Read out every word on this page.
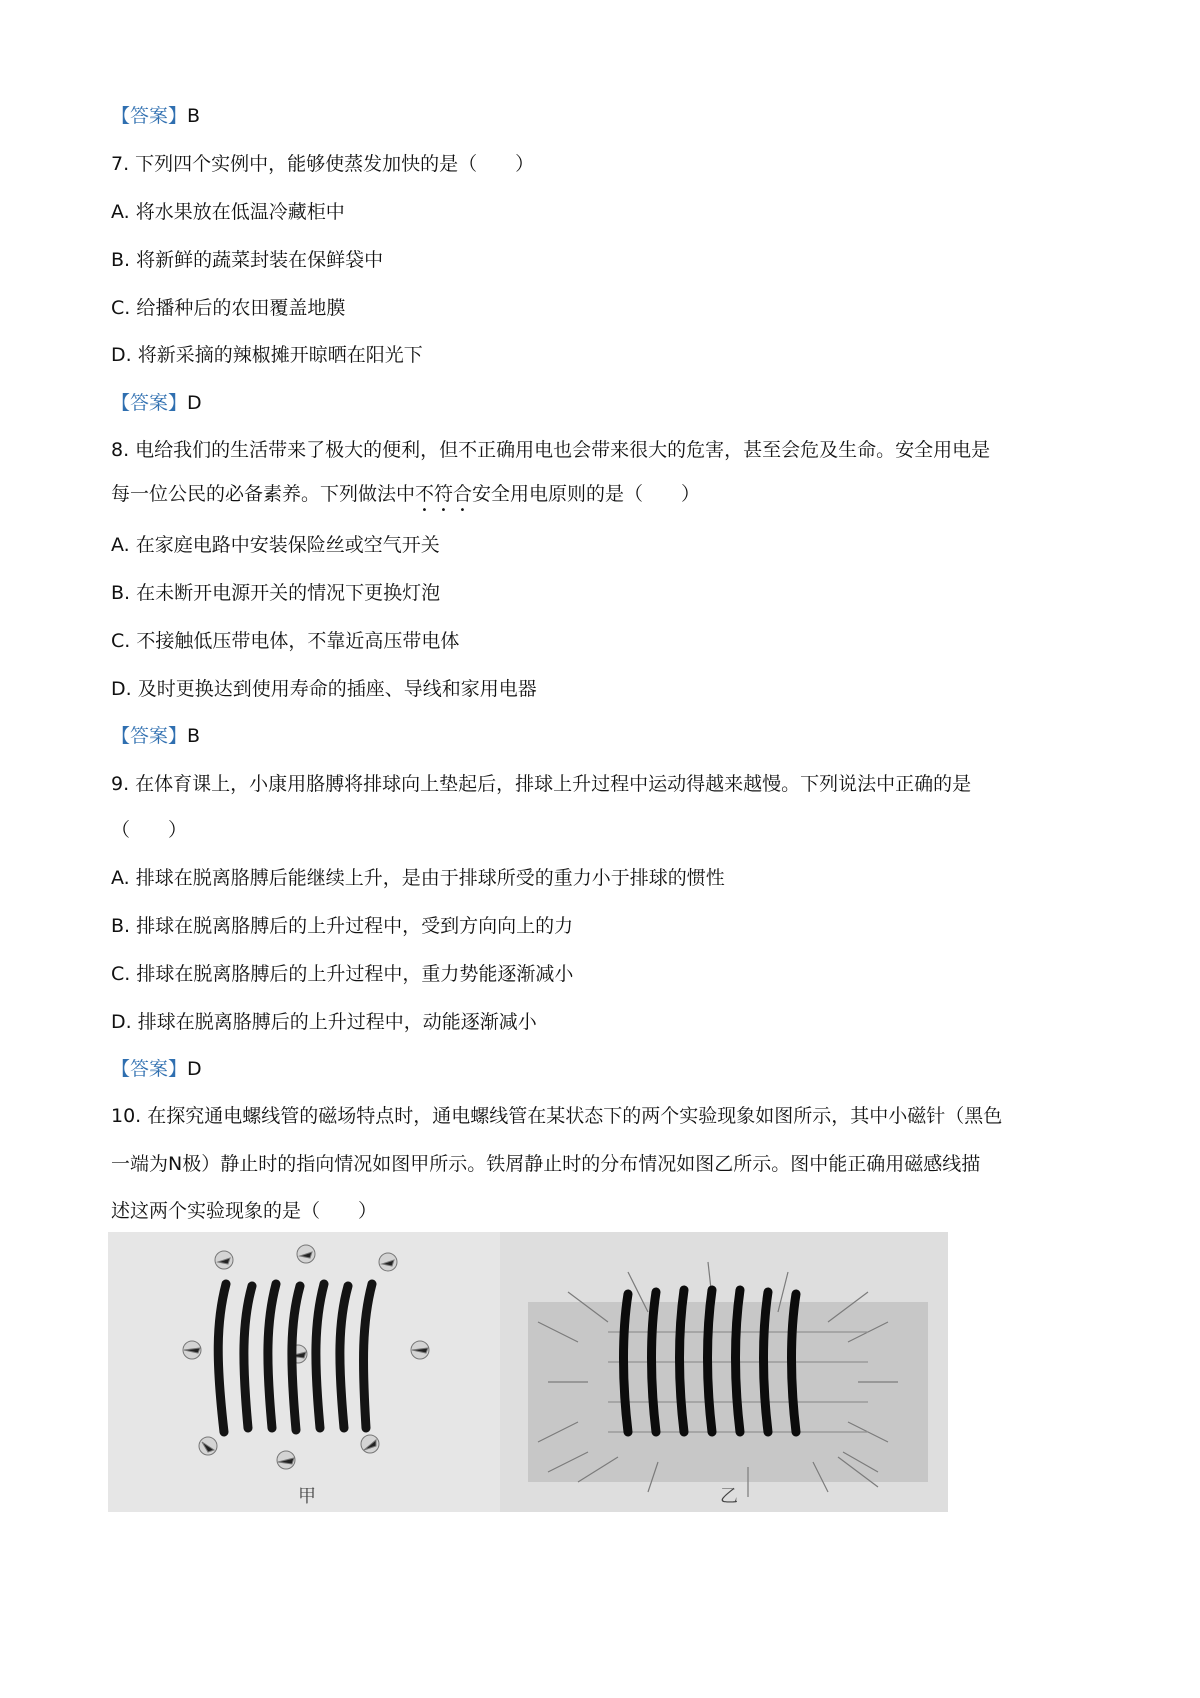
【答案】B
7. 下列四个实例中，能够使蒸发加快的是（　　）
A. 将水果放在低温冷藏柜中
B. 将新鲜的蔬菜封装在保鲜袋中
C. 给播种后的农田覆盖地膜
D. 将新采摘的辣椒摊开晾晒在阳光下
【答案】D
8. 电给我们的生活带来了极大的便利，但不正确用电也会带来很大的危害，甚至会危及生命。安全用电是
每一位公民的必备素养。下列做法中不符合安全用电原则的是（　　）
A. 在家庭电路中安装保险丝或空气开关
B. 在未断开电源开关的情况下更换灯泡
C. 不接触低压带电体，不靠近高压带电体
D. 及时更换达到使用寿命的插座、导线和家用电器
【答案】B
9. 在体育课上，小康用胳膊将排球向上垫起后，排球上升过程中运动得越来越慢。下列说法中正确的是
（　　）
A. 排球在脱离胳膊后能继续上升，是由于排球所受的重力小于排球的惯性
B. 排球在脱离胳膊后的上升过程中，受到方向向上的力
C. 排球在脱离胳膊后的上升过程中，重力势能逐渐减小
D. 排球在脱离胳膊后的上升过程中，动能逐渐减小
【答案】D
10. 在探究通电螺线管的磁场特点时，通电螺线管在某状态下的两个实验现象如图所示，其中小磁针（黑色
一端为N极）静止时的指向情况如图甲所示。铁屑静止时的分布情况如图乙所示。图中能正确用磁感线描
述这两个实验现象的是（　　）
甲	乙
